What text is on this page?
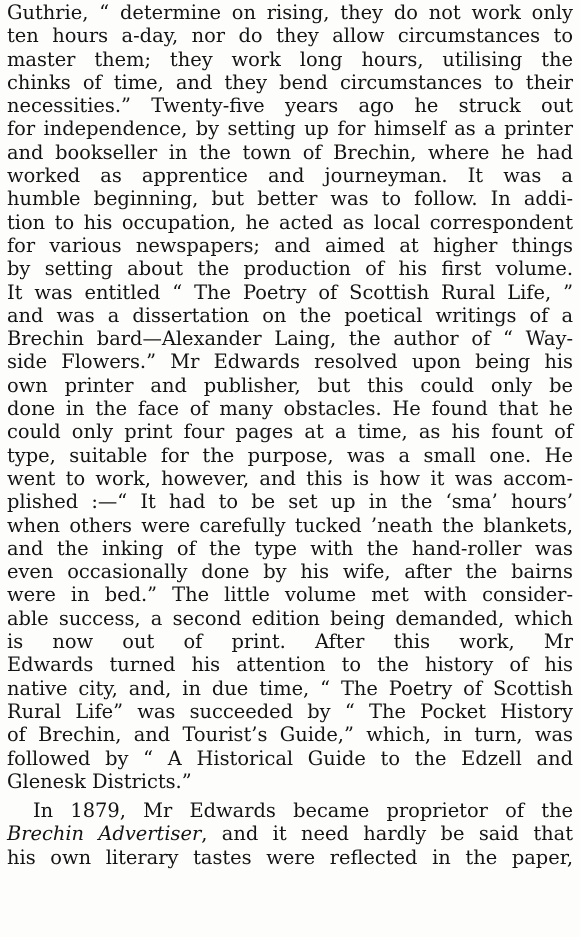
Guthrie, “ determine on rising, they do not work only
ten hours a-day, nor do they allow circumstances to
master them; they work long hours, utilising the
chinks of time, and they bend circumstances to their
necessities.” Twenty-five years ago he struck out
for independence, by setting up for himself as a printer
and bookseller in the town of Brechin, where he had
worked as apprentice and journeyman. It was a
humble beginning, but better was to follow. In addi-
tion to his occupation, he acted as local correspondent
for various newspapers; and aimed at higher things
by setting about the production of his first volume.
It was entitled “ The Poetry of Scottish Rural Life, ”
and was a dissertation on the poetical writings of a
Brechin bard—Alexander Laing, the author of “ Way-
side Flowers.” Mr Edwards resolved upon being his
own printer and publisher, but this could only be
done in the face of many obstacles. He found that he
could only print four pages at a time, as his fount of
type, suitable for the purpose, was a small one. He
went to work, however, and this is how it was accom-
plished :—“ It had to be set up in the ‘sma’ hours’
when others were carefully tucked ’neath the blankets,
and the inking of the type with the hand-roller was
even occasionally done by his wife, after the bairns
were in bed.” The little volume met with consider-
able success, a second edition being demanded, which
is now out of print. After this work, Mr
Edwards turned his attention to the history of his
native city, and, in due time, “ The Poetry of Scottish
Rural Life” was succeeded by “ The Pocket History
of Brechin, and Tourist’s Guide,” which, in turn, was
followed by “ A Historical Guide to the Edzell and
Glenesk Districts.”
In 1879, Mr Edwards became proprietor of the
Brechin Advertiser, and it need hardly be said that
his own literary tastes were reflected in the paper,
